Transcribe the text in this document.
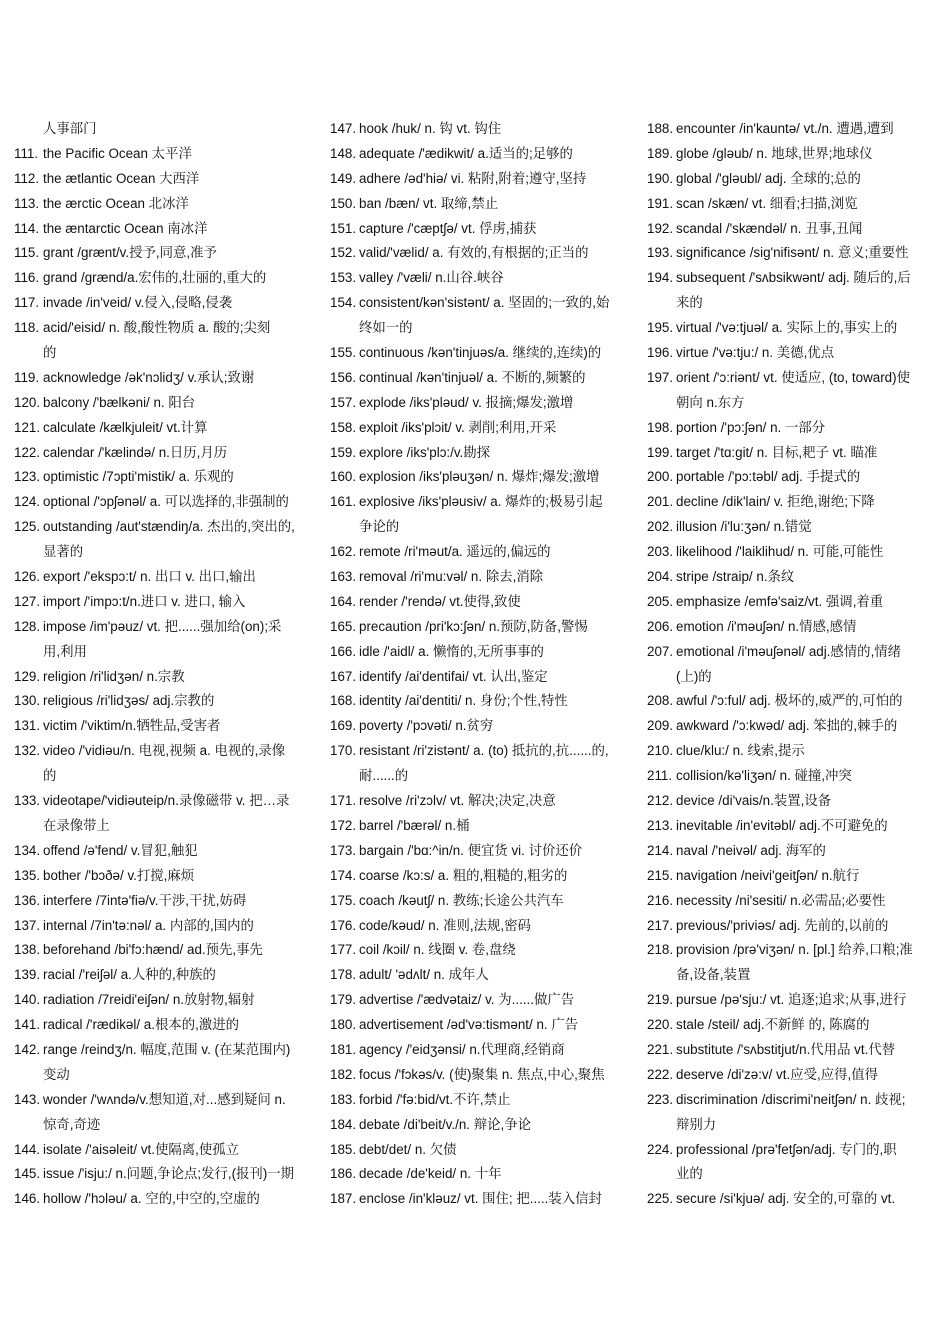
人事部门
111. the Pacific Ocean 太平洋
112. the ætlantic Ocean 大西洋
113. the ærctic Ocean 北冰洋
114. the æntarctic Ocean 南冰洋
115. grant /grænt/v.授予,同意,准予
116. grand /grænd/a.宏伟的,壮丽的,重大的
117. invade /in'veid/ v.侵入,侵略,侵袭
118. acid/'eisid/ n. 酸,酸性物质 a. 酸的;尖刻
的
119. acknowledge /ək'nɔlidʒ/ v.承认;致谢
120. balcony /'bælkəni/ n. 阳台
121. calculate /kælkjuleit/ vt.计算
122. calendar /'kælində/ n.日历,月历
123. optimistic /7ɔpti'mistik/ a. 乐观的
124. optional /'ɔpʃənəl/ a. 可以选择的,非强制的
125. outstanding /aut'stændiŋ/a. 杰出的,突出的,
显著的
126. export /'ekspɔ:t/ n. 出口 v. 出口,输出
127. import /'impɔ:t/n.进口 v. 进口, 输入
128. impose /im'pəuz/ vt. 把......强加给(on);采
用,利用
129. religion /ri'lidʒən/ n.宗教
130. religious /ri'lidʒəs/ adj.宗教的
131. victim /'viktim/n.牺牲品,受害者
132. video /'vidiəu/n. 电视,视频 a. 电视的,录像
的
133. videotape/'vidiəuteip/n.录像磁带 v. 把…录
在录像带上
134. offend /ə'fend/ v.冒犯,触犯
135. bother /'bɔðə/ v.打搅,麻烦
136. interfere /7intə'fiə/v.干涉,干扰,妨碍
137. internal /7in'tə:nəl/ a. 内部的,国内的
138. beforehand /bi'fɔ:hænd/ ad.预先,事先
139. racial /'reiʃəl/ a.人种的,种族的
140. radiation /7reidi'eiʃən/ n.放射物,辐射
141. radical /'rædikəl/ a.根本的,激进的
142. range /reindʒ/n. 幅度,范围 v. (在某范围内)
变动
143. wonder /'wʌndə/v.想知道,对...感到疑问 n.
惊奇,奇迹
144. isolate /'aisəleit/ vt.使隔离,使孤立
145. issue /'isju:/ n.问题,争论点;发行,(报刊)一期
146. hollow /'hɔləu/ a. 空的,中空的,空虚的
147. hook /huk/ n. 钩 vt. 钩住
148. adequate /'ædikwit/ a.适当的;足够的
149. adhere /əd'hiə/ vi. 粘附,附着;遵守,坚持
150. ban /bæn/ vt. 取缔,禁止
151. capture /'cæptʃə/ vt. 俘虏,捕获
152. valid/'vælid/ a. 有效的,有根据的;正当的
153. valley /'væli/ n.山谷.峡谷
154. consistent/kən'sistənt/ a. 坚固的;一致的,始
终如一的
155. continuous /kən'tinjuəs/a. 继续的,连续)的
156. continual /kən'tinjuəl/ a. 不断的,频繁的
157. explode /iks'pləud/ v. 报摘;爆发;激增
158. exploit /iks'plɔit/ v. 剥削;利用,开采
159. explore /iks'plɔ:/v.勘探
160. explosion /iks'pləuʒən/ n. 爆炸;爆发;激增
161. explosive /iks'pləusiv/ a. 爆炸的;极易引起
争论的
162. remote /ri'məut/a. 遥远的,偏远的
163. removal /ri'mu:vəl/ n. 除去,消除
164. render /'rendə/ vt.使得,致使
165. precaution /pri'kɔ:ʃən/ n.预防,防备,警惕
166. idle /'aidl/ a. 懒惰的,无所事事的
167. identify /ai'dentifai/ vt. 认出,鉴定
168. identity /ai'dentiti/ n. 身份;个性,特性
169. poverty /'pɔvəti/ n.贫穷
170. resistant /ri'zistənt/ a. (to) 抵抗的,抗......的,
耐......的
171. resolve /ri'zɔlv/ vt. 解决;决定,决意
172. barrel /'bærəl/ n.桶
173. bargain /'bɑ:^in/n. 便宜货 vi. 讨价还价
174. coarse /kɔ:s/ a. 粗的,粗糙的,粗劣的
175. coach /kəutʃ/ n. 教练;长途公共汽车
176. code/kəud/ n. 准则,法规,密码
177. coil /kɔil/ n. 线圈 v. 卷,盘绕
178. adult/ 'ədʌlt/ n. 成年人
179. advertise /'ædvətaiz/ v. 为......做广告
180. advertisement /əd'və:tismənt/ n. 广告
181. agency /'eidʒənsi/ n.代理商,经销商
182. focus /'fɔkəs/v. (使)聚集 n. 焦点,中心,聚焦
183. forbid /'fə:bid/vt.不许,禁止
184. debate /di'beit/v./n. 辩论,争论
185. debt/det/ n. 欠债
186. decade /de'keid/ n. 十年
187. enclose /in'kləuz/ vt. 围住; 把.....装入信封
188. encounter /in'kauntə/ vt./n. 遭遇,遭到
189. globe /gləub/ n. 地球,世界;地球仪
190. global /'gləubl/ adj. 全球的;总的
191. scan /skæn/ vt. 细看;扫描,浏览
192. scandal /'skændəl/ n. 丑事,丑闻
193. significance /sig'nifisənt/ n. 意义;重要性
194. subsequent /'sʌbsikwənt/ adj. 随后的,后
来的
195. virtual /'və:tjuəl/ a. 实际上的,事实上的
196. virtue /'və:tju:/ n. 美德,优点
197. orient /'ɔ:riənt/ vt. 使适应, (to, toward)使
朝向 n.东方
198. portion /'pɔ:ʃən/ n. 一部分
199. target /'tɑ:git/ n. 目标,耙子 vt. 瞄准
200. portable /'pɔ:təbl/ adj. 手提式的
201. decline /dik'lain/ v. 拒绝,谢绝;下降
202. illusion /i'lu:ʒən/ n.错觉
203. likelihood /'laiklihud/ n. 可能,可能性
204. stripe /straip/ n.条纹
205. emphasize /emfə'saiz/vt. 强调,着重
206. emotion /i'məuʃən/ n.情感,感情
207. emotional /i'məuʃənəl/ adj.感情的,情绪
(上)的
208. awful /'ɔ:ful/ adj. 极坏的,威严的,可怕的
209. awkward /'ɔ:kwəd/ adj. 笨拙的,棘手的
210. clue/klu:/ n. 线索,提示
211. collision/kə'liʒən/ n. 碰撞,冲突
212. device /di'vais/n.装置,设备
213. inevitable /in'evitəbl/ adj.不可避免的
214. naval /'neivəl/ adj. 海军的
215. navigation /neivi'geitʃən/ n.航行
216. necessity /ni'sesiti/ n.必需品;必要性
217. previous/'priviəs/ adj. 先前的,以前的
218. provision /prə'viʒən/ n. [pl.] 给养,口粮;准
备,设备,装置
219. pursue /pə'sju:/ vt. 追逐;追求;从事,进行
220. stale /steil/ adj.不新鲜 的, 陈腐的
221. substitute /'sʌbstitjut/n.代用品 vt.代替
222. deserve /di'zə:v/ vt.应受,应得,值得
223. discrimination /discrimi'neitʃən/ n. 歧视;
辩别力
224. professional /prə'fetʃən/adj. 专门的,职
业的
225. secure /si'kjuə/ adj. 安全的,可靠的 vt.
